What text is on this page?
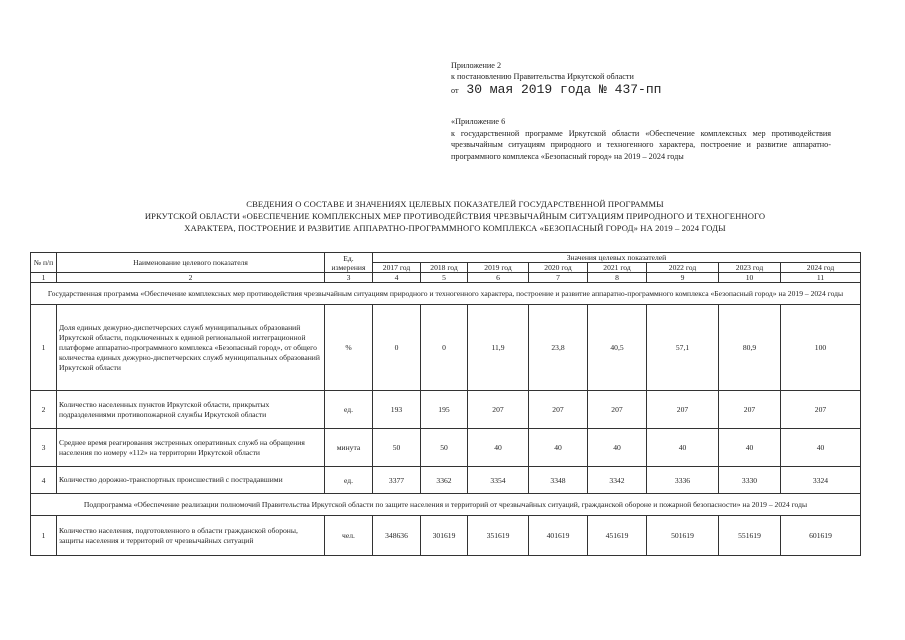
Приложение 2
к постановлению Правительства Иркутской области
от 30 мая 2019 года № 437-пп
«Приложение 6
к государственной программе Иркутской области «Обеспечение комплексных мер противодействия чрезвычайным ситуациям природного и техногенного характера, построение и развитие аппаратно-программного комплекса «Безопасный город» на 2019 – 2024 годы
СВЕДЕНИЯ О СОСТАВЕ И ЗНАЧЕНИЯХ ЦЕЛЕВЫХ ПОКАЗАТЕЛЕЙ ГОСУДАРСТВЕННОЙ ПРОГРАММЫ
ИРКУТСКОЙ ОБЛАСТИ «ОБЕСПЕЧЕНИЕ КОМПЛЕКСНЫХ МЕР ПРОТИВОДЕЙСТВИЯ ЧРЕЗВЫЧАЙНЫМ СИТУАЦИЯМ ПРИРОДНОГО И ТЕХНОГЕННОГО
ХАРАКТЕРА, ПОСТРОЕНИЕ И РАЗВИТИЕ АППАРАТНО-ПРОГРАММНОГО КОМПЛЕКСА «БЕЗОПАСНЫЙ ГОРОД» НА 2019 – 2024 ГОДЫ
№ п/п	Наименование целевого показателя	Ед. измерения	Значения целевых показателей							
			2017 год	2018 год	2019 год	2020 год	2021 год	2022 год	2023 год	2024 год
1	2	3	4	5	6	7	8	9	10	11
Государственная программа «Обеспечение комплексных мер противодействия чрезвычайным ситуациям природного и техногенного характера, построение и развитие аппаратно-программного комплекса «Безопасный город» на 2019 – 2024 годы										
1	Доля единых дежурно-диспетчерских служб муниципальных образований Иркутской области, подключенных к единой региональной интеграционной платформе аппаратно-программного комплекса «Безопасный город», от общего количества единых дежурно-диспетчерских служб муниципальных образований Иркутской области	%	0	0	11,9	23,8	40,5	57,1	80,9	100
2	Количество населенных пунктов Иркутской области, прикрытых подразделениями противопожарной службы Иркутской области	ед.	193	195	207	207	207	207	207	207
3	Среднее время реагирования экстренных оперативных служб на обращения населения по номеру «112» на территории Иркутской области	минута	50	50	40	40	40	40	40	40
4	Количество дорожно-транспортных происшествий с пострадавшими	ед.	3377	3362	3354	3348	3342	3336	3330	3324
Подпрограмма «Обеспечение реализации полномочий Правительства Иркутской области по защите населения и территорий от чрезвычайных ситуаций, гражданской обороне и пожарной безопасности» на 2019 – 2024 годы										
1	Количество населения, подготовленного в области гражданской обороны, защиты населения и территорий от чрезвычайных ситуаций	чел.	348636	301619	351619	401619	451619	501619	551619	601619
